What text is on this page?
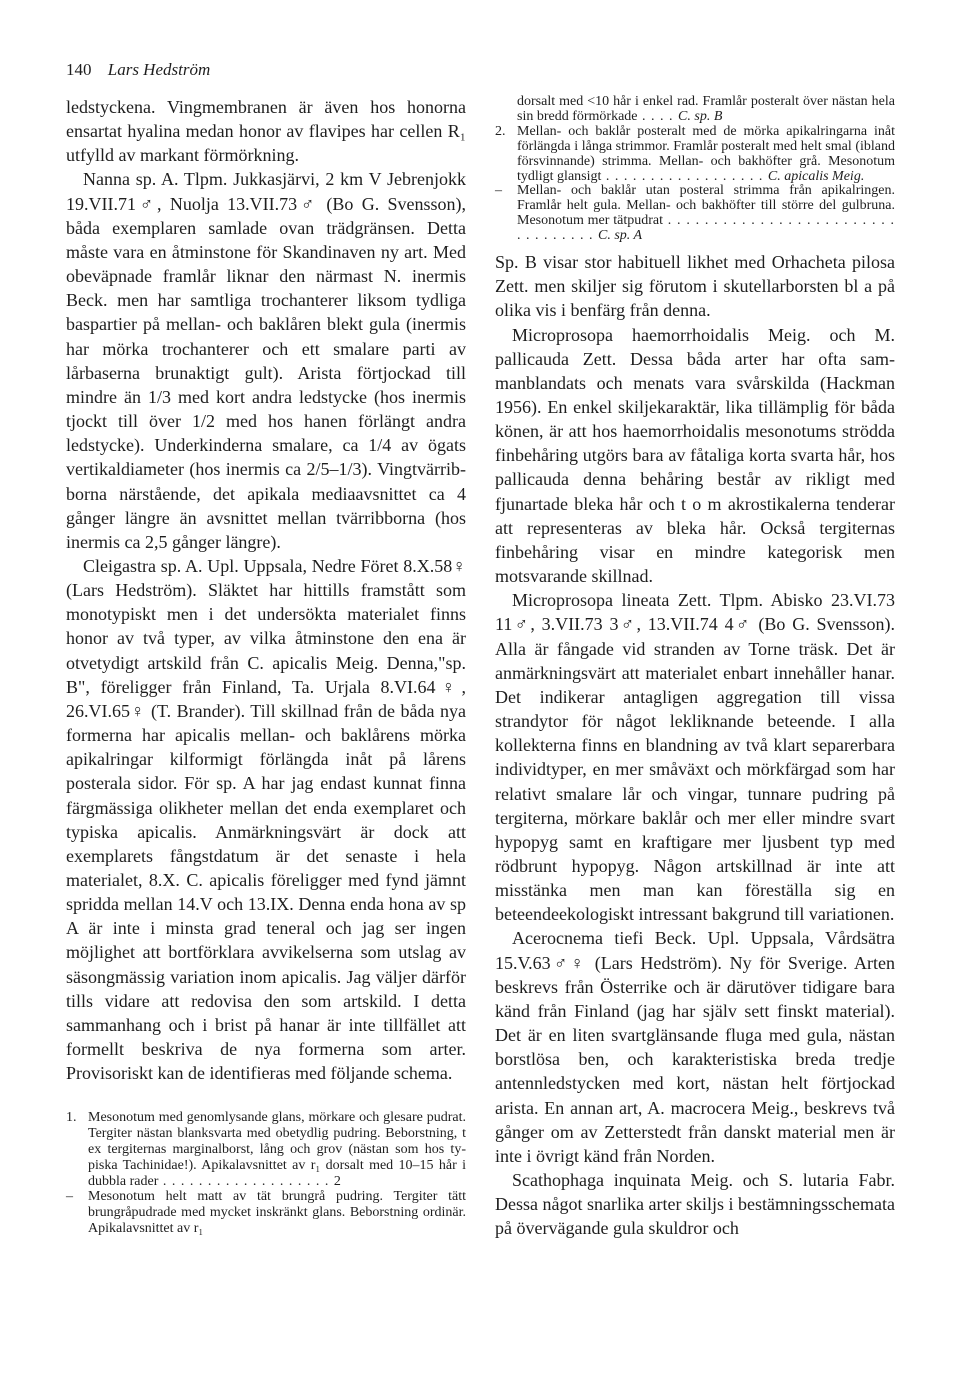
140 Lars Hedström

ledstyckena. Vingmembranen är även hos honorna ensartat hyalina medan honor av flavipes har cellen R₁ utfylld av markant förmörkning.

Nanna sp. A. Tlpm. Jukkasjärvi, 2 km V Jebrenjokk 19.VII.71♂, Nuolja 13.VII.73♂ (Bo G. Svensson), båda exemplaren samlade ovan trädgränsen. Detta måste vara en åtminstone för Skandinaven ny art. Med obeväpnade framlår liknar den närmast N. inermis Beck. men har samtliga trochanterer liksom tydliga baspartier på mellan- och baklåren blekt gula (inermis har mörka trochanterer och ett smalare parti av lårbaserna brunaktigt gult). Arista förtjockad till mindre än 1/3 med kort andra ledstycke (hos inermis tjockt till över 1/2 med hos hanen förlängt andra ledstycke). Underkinderna smalare, ca 1/4 av ögats vertikaldiameter (hos inermis ca 2/5–1/3). Vingtvärribborna närstående, det apikala mediaavsnittet ca 4 gånger längre än avsnittet mellan tvärribborna (hos inermis ca 2,5 gånger längre).

Cleigastra sp. A. Upl. Uppsala, Nedre Föret 8.X.58♀ (Lars Hedström). Släktet har hittills framstått som monotypiskt men i det undersökta materialet finns honor av två typer, av vilka åtminstone den ena är otvetydigt artskild från C. apicalis Meig. Denna,"sp. B", föreligger från Finland, Ta. Urjala 8.VI.64♀, 26.VI.65♀ (T. Brander). Till skillnad från de båda nya formerna har apicalis mellan- och baklårens mörka apikalringar kilformigt förlängda inåt på lårens posterala sidor. För sp. A har jag endast kunnat finna färgmässiga olikheter mellan det enda exemplaret och typiska apicalis. Anmärkningsvärt är dock att exemplarets fångstdatum är det senaste i hela materialet, 8.X. C. apicalis föreligger med fynd jämnt spridda mellan 14.V och 13.IX. Denna enda hona av sp A är inte i minsta grad teneral och jag ser ingen möjlighet att bortförklara avvikelserna som utslag av säsongmässig variation inom apicalis. Jag väljer därför tills vidare att redovisa den som artskild. I detta sammanhang och i brist på hanar är inte tillfället att formellt beskriva de nya formerna som arter. Provisoriskt kan de identifieras med följande schema.

1. Mesonotum med genomlysande glans, mörkare och glesare pudrat. Tergiter nästan blanksvarta med obetydlig pudring. Beborstning, t ex tergiternas marginalborst, lång och grov (nästan som hos typiska Tachinidae!). Apikalavsnittet av r₁ dorsalt med 10–15 hår i dubbla rader . . . . . . . . . . . . . . . . . . . 2
–	Mesonotum helt matt av tät brungrå pudring. Tergiter tätt brungråpudrade med mycket inskränkt glans. Beborstning ordinär. Apikalavsnittet av r₁
dorsalt med <10 hår i enkel rad. Framlår posteralt över nästan hela sin bredd förmörkade . . . . C. sp. B
2. Mellan- och baklår posteralt med de mörka apikalringarna inåt förlängda i långa strimmor. Framlår posteralt med helt smal (ibland försvinnande) strimma. Mellan- och bakhöfter grå. Mesonotum tydligt glansigt . . . . . . . . . . . . . . . . . . C. apicalis Meig.
–	Mellan- och baklår utan posteral strimma från apikalringen. Framlår helt gula. Mellan- och bakhöfter till större del gulbruna. Mesonotum mer tätpudrat . . . . . . . . . . . . . . . . . . . . . . . . . . . . . . . . . . C. sp. A

Sp. B visar stor habituell likhet med Orhacheta pilosa Zett. men skiljer sig förutom i skutellarborsten bl a på olika vis i benfärg från denna.

Microprosopa haemorrhoidalis Meig. och M. pallicauda Zett. Dessa båda arter har ofta sammanblandats och menats vara svårskilda (Hackman 1956). En enkel skiljekaraktär, lika tillämplig för båda könen, är att hos haemorrhoidalis mesonotums strödda finbehåring utgörs bara av fåtaliga korta svarta hår, hos pallicauda denna behåring består av rikligt med fjunartade bleka hår och t o m akrostikalerna tenderar att representeras av bleka hår. Också tergiternas finbehåring visar en mindre kategorisk men motsvarande skillnad.

Microprosopa lineata Zett. Tlpm. Abisko 23.VI.73 11♂, 3.VII.73 3♂, 13.VII.74 4♂ (Bo G. Svensson). Alla är fångade vid stranden av Torne träsk. Det är anmärkningsvärt att materialet enbart innehåller hanar. Det indikerar antagligen aggregation till vissa strandytor för något lekliknande beteende. I alla kollekterna finns en blandning av två klart separerbara individtyper, en mer småväxt och mörkfärgad som har relativt smalare lår och vingar, tunnare pudring på tergiterna, mörkare baklår och mer eller mindre svart hypopyg samt en kraftigare mer ljusbent typ med rödbrunt hypopyg. Någon artskillnad är inte att misstänka men man kan föreställa sig en beteendeekologiskt intressant bakgrund till variationen.

Acerocnema tiefi Beck. Upl. Uppsala, Vårdsätra 15.V.63♂♀ (Lars Hedström). Ny för Sverige. Arten beskrevs från Österrike och är därutöver tidigare bara känd från Finland (jag har själv sett finskt material). Det är en liten svartglänsande fluga med gula, nästan borstlösa ben, och karakteristiska breda tredje antennledstycken med kort, nästan helt förtjockad arista. En annan art, A. macrocera Meig., beskrevs två gånger om av Zetterstedt från danskt material men är inte i övrigt känd från Norden.

Scathophaga inquinata Meig. och S. lutaria Fabr. Dessa något snarlika arter skiljs i bestämningsschemata på övervägande gula skuldror och
